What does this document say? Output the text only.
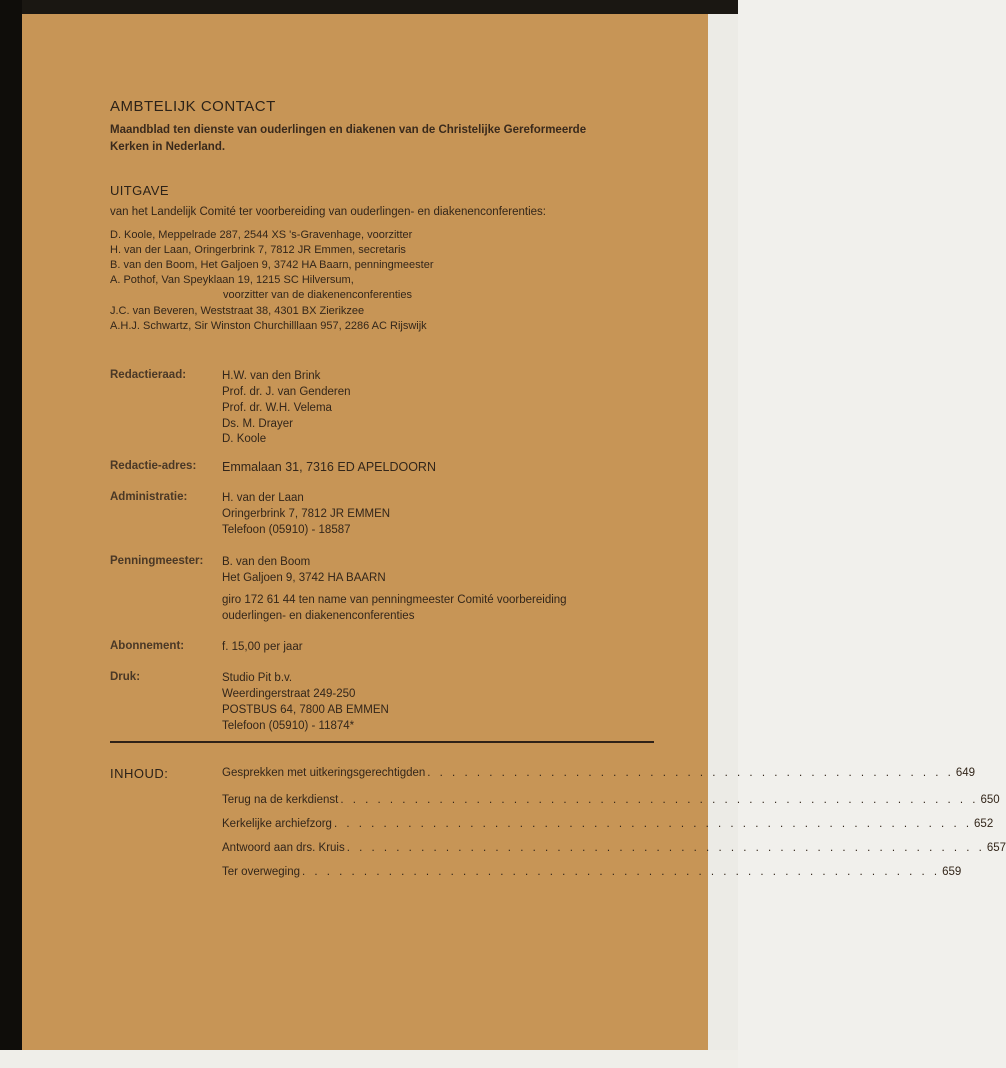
AMBTELIJK CONTACT
Maandblad ten dienste van ouderlingen en diakenen van de Christelijke Gereformeerde
Kerken in Nederland.
UITGAVE
van het Landelijk Comité ter voorbereiding van ouderlingen- en diakenenconferenties:
D. Koole, Meppelrade 287, 2544 XS 's-Gravenhage, voorzitter
H. van der Laan, Oringerbrink 7, 7812 JR Emmen, secretaris
B. van den Boom, Het Galjoen 9, 3742 HA Baarn, penningmeester
A. Pothof, Van Speyklaan 19, 1215 SC Hilversum,
voorzitter van de diakenenconferenties
J.C. van Beveren, Weststraat 38, 4301 BX Zierikzee
A.H.J. Schwartz, Sir Winston Churchilllaan 957, 2286 AC Rijswijk
Redactieraad:	H.W. van den Brink
Prof. dr. J. van Genderen
Prof. dr. W.H. Velema
Ds. M. Drayer
D. Koole
Redactie-adres: Emmalaan 31, 7316 ED APELDOORN
Administratie:	H. van der Laan
Oringerbrink 7, 7812 JR EMMEN
Telefoon (05910) - 18587
Penningmeester: B. van den Boom
Het Galjoen 9, 3742 HA BAARN
giro 172 61 44 ten name van penningmeester Comité voorbereiding
ouderlingen- en diakenenconferenties
Abonnement:	f. 15,00 per jaar
Druk:	Studio Pit b.v.
Weerdingerstraat 249-250
POSTBUS 64, 7800 AB EMMEN
Telefoon (05910) - 11874*
INHOUD:	Gesprekken met uitkeringsgerechtigden . . . . . . . . . . . . . . . . . . . . . . . . . . . . . . . . . . . . . . . . . . . 649
Terug na de kerkdienst . . . . . . . . . . . . . . . . . . . . . . . . . . . . . . . . . . . . . . . . . . . . . . . . . . . . 650
Kerkelijke archiefzorg . . . . . . . . . . . . . . . . . . . . . . . . . . . . . . . . . . . . . . . . . . . . . . . . . . . . 652
Antwoord aan drs. Kruis . . . . . . . . . . . . . . . . . . . . . . . . . . . . . . . . . . . . . . . . . . . . . . . . . . . . 657
Ter overweging . . . . . . . . . . . . . . . . . . . . . . . . . . . . . . . . . . . . . . . . . . . . . . . . . . . . 659
